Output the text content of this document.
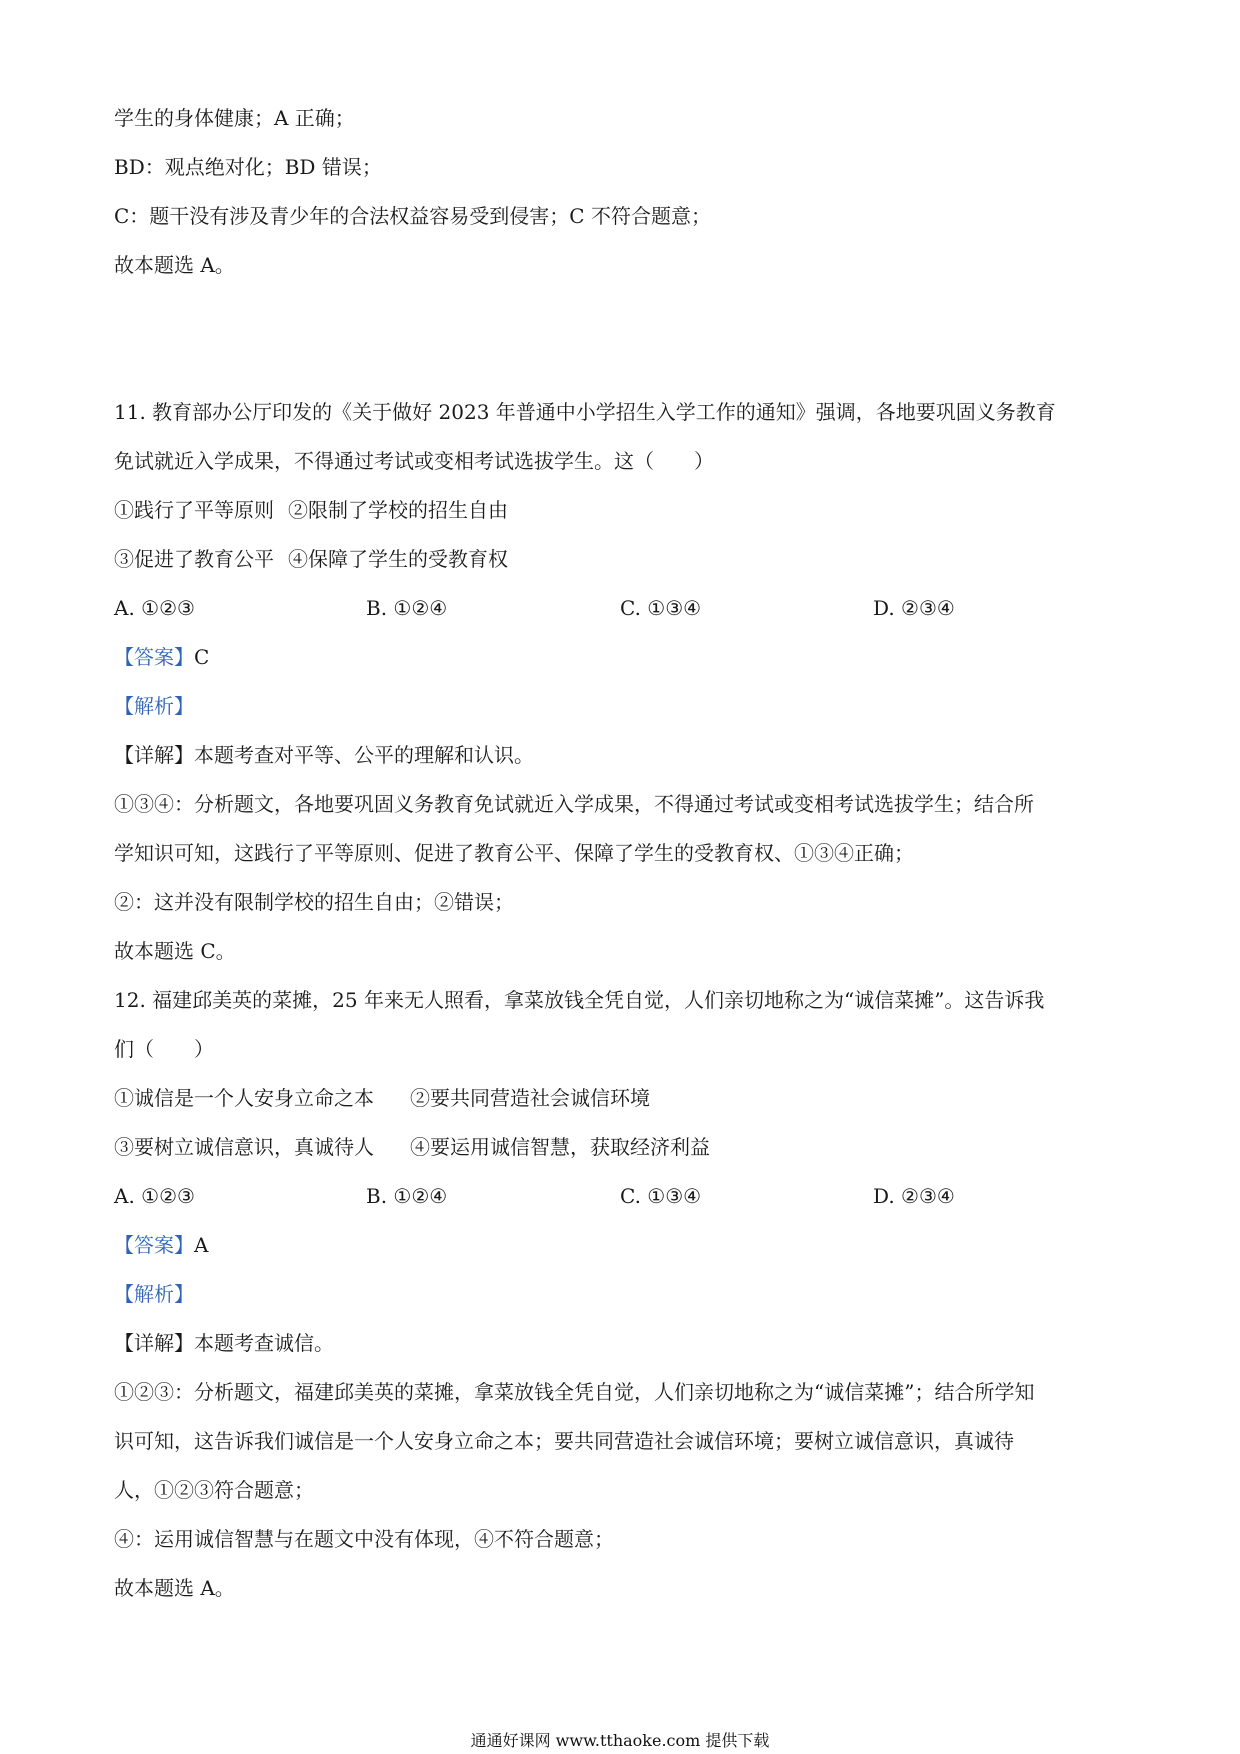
学生的身体健康；A 正确；
BD：观点绝对化；BD 错误；
C：题干没有涉及青少年的合法权益容易受到侵害；C 不符合题意；
故本题选 A。
11. 教育部办公厅印发的《关于做好 2023 年普通中小学招生入学工作的通知》强调，各地要巩固义务教育
免试就近入学成果，不得通过考试或变相考试选拔学生。这（　　）
①践行了平等原则 ②限制了学校的招生自由
③促进了教育公平 ④保障了学生的受教育权
A. ①②③	B. ①②④	C. ①③④	D. ②③④
【答案】C
【解析】
【详解】本题考查对平等、公平的理解和认识。
①③④：分析题文，各地要巩固义务教育免试就近入学成果，不得通过考试或变相考试选拔学生；结合所
学知识可知，这践行了平等原则、促进了教育公平、保障了学生的受教育权、①③④正确；
②：这并没有限制学校的招生自由；②错误；
故本题选 C。
12. 福建邱美英的菜摊，25 年来无人照看，拿菜放钱全凭自觉，人们亲切地称之为“诚信菜摊”。这告诉我
们（　　）
①诚信是一个人安身立命之本 ②要共同营造社会诚信环境
③要树立诚信意识，真诚待人 ④要运用诚信智慧，获取经济利益
A. ①②③	B. ①②④	C. ①③④	D. ②③④
【答案】A
【解析】
【详解】本题考查诚信。
①②③：分析题文，福建邱美英的菜摊，拿菜放钱全凭自觉，人们亲切地称之为“诚信菜摊”；结合所学知
识可知，这告诉我们诚信是一个人安身立命之本；要共同营造社会诚信环境；要树立诚信意识，真诚待
人，①②③符合题意；
④：运用诚信智慧与在题文中没有体现，④不符合题意；
故本题选 A。
通通好课网 www.tthaoke.com 提供下载
